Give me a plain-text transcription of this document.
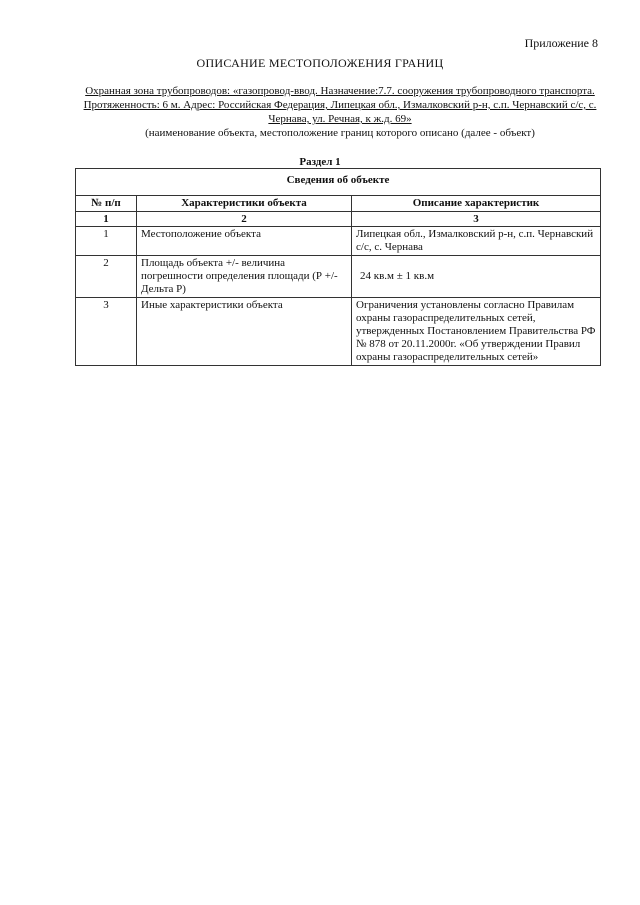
Приложение 8
ОПИСАНИЕ МЕСТОПОЛОЖЕНИЯ ГРАНИЦ
Охранная зона трубопроводов: «газопровод-ввод. Назначение:7.7. сооружения трубопроводного транспорта. Протяженность: 6 м. Адрес: Российская Федерация, Липецкая обл., Измалковский р-н, с.п. Чернавский с/с, с. Чернава, ул. Речная, к ж.д. 69»
(наименование объекта, местоположение границ которого описано (далее - объект)
Раздел 1
Сведения об объекте		
№ п/п	Характеристики объекта	Описание характеристик
1	2	3
1	Местоположение объекта	Липецкая обл., Измалковский р-н, с.п. Чернавский с/с, с. Чернава
2	Площадь объекта +/- величина погрешности определения площади (Р +/- Дельта Р)	24 кв.м ± 1 кв.м
3	Иные характеристики объекта	Ограничения установлены согласно Правилам охраны газораспределительных сетей, утвержденных Постановлением Правительства РФ № 878 от 20.11.2000г. «Об утверждении Правил охраны газораспределительных сетей»
